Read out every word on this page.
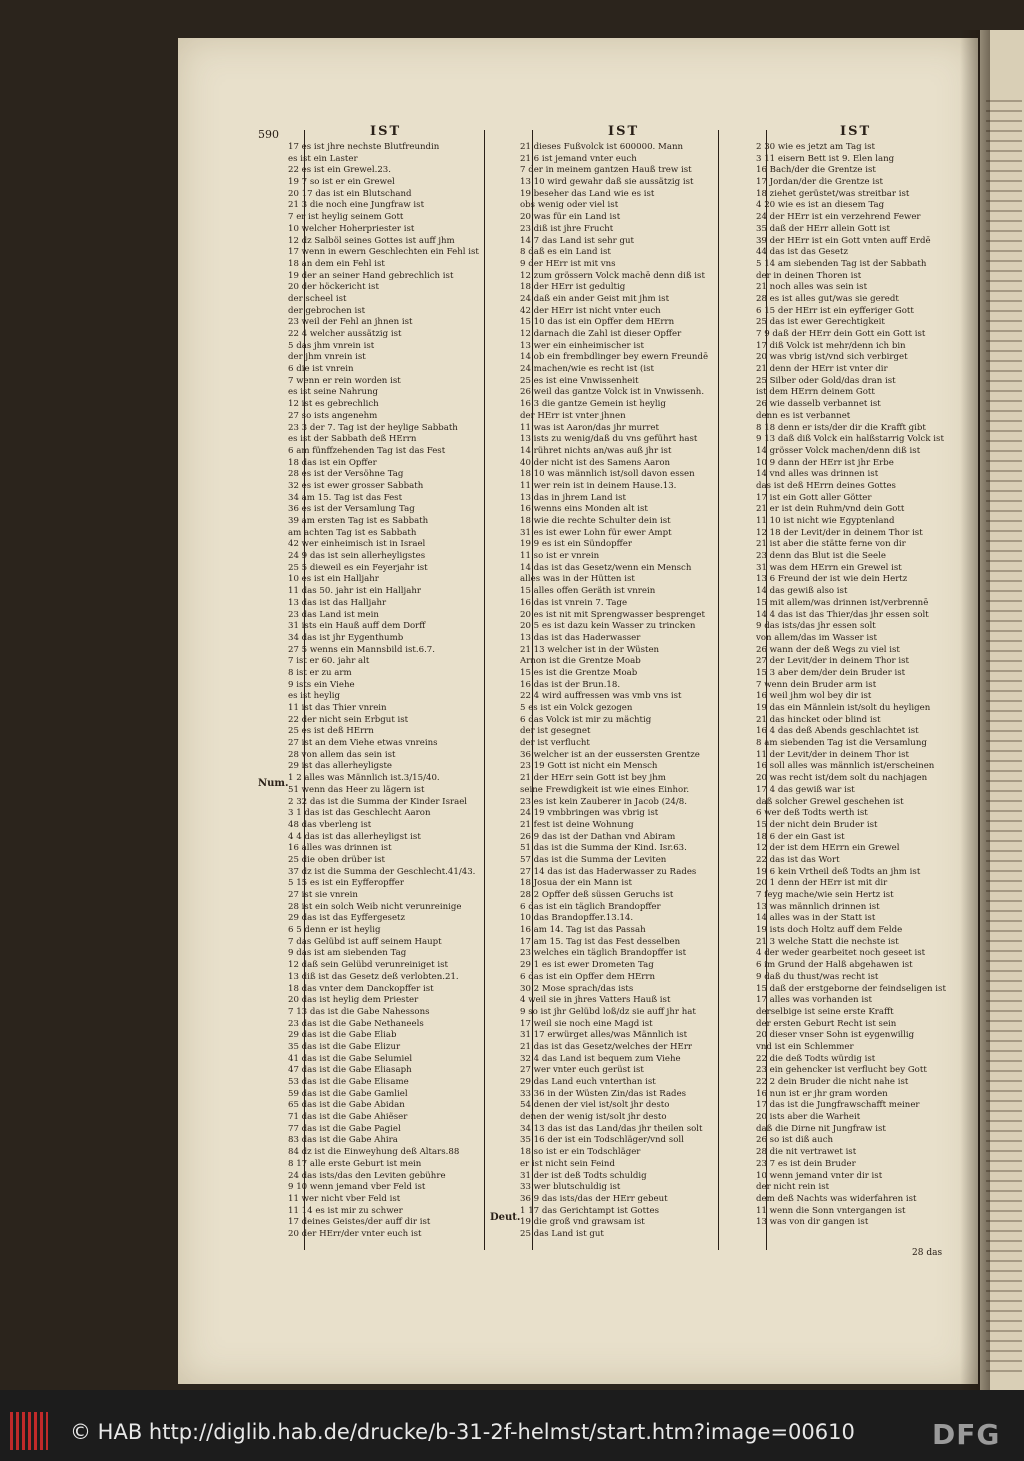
590	IST	IST	IST
Num.
Deut.
17 es ist jhre nechste Blutfreundin
es ist ein Laster
22 es ist ein Grewel.23.
19 7 so ist er ein Grewel
20 17 das ist ein Blutschand
21 3 die noch eine Jungfraw ist
7 er ist heylig seinem Gott
10 welcher Hoherpriester ist
12 dz Salböl seines Gottes ist auff jhm
17 wenn in ewern Geschlechten ein Fehl ist
18 an dem ein Fehl ist
19 der an seiner Hand gebrechlich ist
20 der höckericht ist
der scheel ist
der gebrochen ist
23 weil der Fehl an jhnen ist
22 4 welcher aussätzig ist
5 das jhm vnrein ist
der jhm vnrein ist
6 die ist vnrein
7 wenn er rein worden ist
es ist seine Nahrung
12 ist es gebrechlich
27 so ists angenehm
23 3 der 7. Tag ist der heylige Sabbath
es ist der Sabbath deß HErrn
6 am fünffzehenden Tag ist das Fest
18 das ist ein Opffer
28 es ist der Versöhne Tag
32 es ist ewer grosser Sabbath
34 am 15. Tag ist das Fest
36 es ist der Versamlung Tag
39 am ersten Tag ist es Sabbath
am achten Tag ist es Sabbath
42 wer einheimisch ist in Israel
24 9 das ist sein allerheyligstes
25 5 dieweil es ein Feyerjahr ist
10 es ist ein Halljahr
11 das 50. jahr ist ein Halljahr
13 das ist das Halljahr
23 das Land ist mein
31 ists ein Hauß auff dem Dorff
34 das ist jhr Eygenthumb
27 5 wenns ein Mannsbild ist.6.7.
7 ist er 60. jahr alt
8 ist er zu arm
9 ists ein Viehe
es ist heylig
11 ist das Thier vnrein
22 der nicht sein Erbgut ist
25 es ist deß HErrn
27 ist an dem Viehe etwas vnreins
28 von allem das sein ist
29 ist das allerheyligste
1 2 alles was Männlich ist.3/15/40.
51 wenn das Heer zu lägern ist
2 32 das ist die Summa der Kinder Israel
3 1 das ist das Geschlecht Aaron
48 das vberleng ist
4 4 das ist das allerheyligst ist
16 alles was drinnen ist
25 die oben drüber ist
37 dz ist die Summa der Geschlecht.41/43.
5 15 es ist ein Eyfferopffer
27 ist sie vnrein
28 ist ein solch Weib nicht verunreinige
29 das ist das Eyffergesetz
6 5 denn er ist heylig
7 das Gelübd ist auff seinem Haupt
9 das ist am siebenden Tag
12 daß sein Gelübd verunreiniget ist
13 diß ist das Gesetz deß verlobten.21.
18 das vnter dem Danckopffer ist
20 das ist heylig dem Priester
7 13 das ist die Gabe Nahessons
23 das ist die Gabe Nethaneels
29 das ist die Gabe Eliab
35 das ist die Gabe Elizur
41 das ist die Gabe Selumiel
47 das ist die Gabe Eliasaph
53 das ist die Gabe Elisame
59 das ist die Gabe Gamliel
65 das ist die Gabe Abidan
71 das ist die Gabe Ahiëser
77 das ist die Gabe Pagiel
83 das ist die Gabe Ahira
84 dz ist die Einweyhung deß Altars.88
8 17 alle erste Geburt ist mein
24 das ists/das den Leviten gebühre
9 10 wenn jemand vber Feld ist
11 wer nicht vber Feld ist
11 14 es ist mir zu schwer
17 deines Geistes/der auff dir ist
20 der HErr/der vnter euch ist
21 dieses Fußvolck ist 600000. Mann
21 6 ist jemand vnter euch
7 der in meinem gantzen Hauß trew ist
13 10 wird gewahr daß sie aussätzig ist
19 beseher das Land wie es ist
obs wenig oder viel ist
20 was für ein Land ist
23 diß ist jhre Frucht
14 7 das Land ist sehr gut
8 daß es ein Land ist
9 der HErr ist mit vns
12 zum grössern Volck machē denn diß ist
18 der HErr ist gedultig
24 daß ein ander Geist mit jhm ist
42 der HErr ist nicht vnter euch
15 10 das ist ein Opffer dem HErrn
12 darnach die Zahl ist dieser Opffer
13 wer ein einheimischer ist
14 ob ein frembdlinger bey ewern Freundē
24 machen/wie es recht ist (ist
25 es ist eine Vnwissenheit
26 weil das gantze Volck ist in Vnwissenh.
16 3 die gantze Gemein ist heylig
der HErr ist vnter jhnen
11 was ist Aaron/das jhr murret
13 ists zu wenig/daß du vns geführt hast
14 rühret nichts an/was auß jhr ist
40 der nicht ist des Samens Aaron
18 10 was männlich ist/soll davon essen
11 wer rein ist in deinem Hause.13.
13 das in jhrem Land ist
16 wenns eins Monden alt ist
18 wie die rechte Schulter dein ist
31 es ist ewer Lohn für ewer Ampt
19 9 es ist ein Sündopffer
11 so ist er vnrein
14 das ist das Gesetz/wenn ein Mensch
alles was in der Hütten ist
15 alles offen Geräth ist vnrein
16 das ist vnrein 7. Tage
20 es ist nit mit Sprengwasser besprenget
20 5 es ist dazu kein Wasser zu trincken
13 das ist das Haderwasser
21 13 welcher ist in der Wüsten
Arnon ist die Grentze Moab
15 es ist die Grentze Moab
16 das ist der Brun.18.
22 4 wird auffressen was vmb vns ist
5 es ist ein Volck gezogen
6 das Volck ist mir zu mächtig
der ist gesegnet
der ist verflucht
36 welcher ist an der eussersten Grentze
23 19 Gott ist nicht ein Mensch
21 der HErr sein Gott ist bey jhm
seine Frewdigkeit ist wie eines Einhor.
23 es ist kein Zauberer in Jacob (24/8.
24 19 vmbbringen was vbrig ist
21 fest ist deine Wohnung
26 9 das ist der Dathan vnd Abiram
51 das ist die Summa der Kind. Isr.63.
57 das ist die Summa der Leviten
27 14 das ist das Haderwasser zu Rades
18 Josua der ein Mann ist
28 2 Opffer deß süssen Geruchs ist
6 das ist ein täglich Brandopffer
10 das Brandopffer.13.14.
16 am 14. Tag ist das Passah
17 am 15. Tag ist das Fest desselben
23 welches ein täglich Brandopffer ist
29 1 es ist ewer Drometen Tag
6 das ist ein Opffer dem HErrn
30 2 Mose sprach/das ists
4 weil sie in jhres Vatters Hauß ist
9 so ist jhr Gelübd loß/dz sie auff jhr hat
17 weil sie noch eine Magd ist
31 17 erwürget alles/was Männlich ist
21 das ist das Gesetz/welches der HErr
32 4 das Land ist bequem zum Viehe
27 wer vnter euch gerüst ist
29 das Land euch vnterthan ist
33 36 in der Wüsten Zin/das ist Rades
54 denen der viel ist/solt jhr desto
denen der wenig ist/solt jhr desto
34 13 das ist das Land/das jhr theilen solt
35 16 der ist ein Todschläger/vnd soll
18 so ist er ein Todschläger
er ist nicht sein Feind
31 der ist deß Todts schuldig
33 wer blutschuldig ist
36 9 das ists/das der HErr gebeut
1 17 das Gerichtampt ist Gottes
19 die groß vnd grawsam ist
25 das Land ist gut
2 30 wie es jetzt am Tag ist
3 11 eisern Bett ist 9. Elen lang
16 Bach/der die Grentze ist
17 Jordan/der die Grentze ist
18 ziehet gerüstet/was streitbar ist
4 20 wie es ist an diesem Tag
24 der HErr ist ein verzehrend Fewer
35 daß der HErr allein Gott ist
39 der HErr ist ein Gott vnten auff Erdē
44 das ist das Gesetz
5 14 am siebenden Tag ist der Sabbath
der in deinen Thoren ist
21 noch alles was sein ist
28 es ist alles gut/was sie geredt
6 15 der HErr ist ein eyfferiger Gott
25 das ist ewer Gerechtigkeit
7 9 daß der HErr dein Gott ein Gott ist
17 diß Volck ist mehr/denn ich bin
20 was vbrig ist/vnd sich verbirget
21 denn der HErr ist vnter dir
25 Silber oder Gold/das dran ist
ist dem HErrn deinem Gott
26 wie dasselb verbannet ist
denn es ist verbannet
8 18 denn er ists/der dir die Krafft gibt
9 13 daß diß Volck ein halßstarrig Volck ist
14 grösser Volck machen/denn diß ist
10 9 dann der HErr ist jhr Erbe
14 vnd alles was drinnen ist
das ist deß HErrn deines Gottes
17 ist ein Gott aller Götter
21 er ist dein Ruhm/vnd dein Gott
11 10 ist nicht wie Egyptenland
12 18 der Levit/der in deinem Thor ist
21 ist aber die stätte ferne von dir
23 denn das Blut ist die Seele
31 was dem HErrn ein Grewel ist
13 6 Freund der ist wie dein Hertz
14 das gewiß also ist
15 mit allem/was drinnen ist/verbrennē
14 4 das ist das Thier/das jhr essen solt
9 das ists/das jhr essen solt
von allem/das im Wasser ist
26 wann der deß Wegs zu viel ist
27 der Levit/der in deinem Thor ist
15 3 aber dem/der dein Bruder ist
7 wenn dein Bruder arm ist
16 weil jhm wol bey dir ist
19 das ein Männlein ist/solt du heyligen
21 das hincket oder blind ist
16 4 das deß Abends geschlachtet ist
8 am siebenden Tag ist die Versamlung
11 der Levit/der in deinem Thor ist
16 soll alles was männlich ist/erscheinen
20 was recht ist/dem solt du nachjagen
17 4 das gewiß war ist
daß solcher Grewel geschehen ist
6 wer deß Todts werth ist
15 der nicht dein Bruder ist
18 6 der ein Gast ist
12 der ist dem HErrn ein Grewel
22 das ist das Wort
19 6 kein Vrtheil deß Todts an jhm ist
20 1 denn der HErr ist mit dir
7 feyg mache/wie sein Hertz ist
13 was männlich drinnen ist
14 alles was in der Statt ist
19 ists doch Holtz auff dem Felde
21 3 welche Statt die nechste ist
4 der weder gearbeitet noch geseet ist
6 im Grund der Halß abgehawen ist
9 daß du thust/was recht ist
15 daß der erstgeborne der feindseligen ist
17 alles was vorhanden ist
derselbige ist seine erste Krafft
der ersten Geburt Recht ist sein
20 dieser vnser Sohn ist eygenwillig
vnd ist ein Schlemmer
22 die deß Todts würdig ist
23 ein gehencker ist verflucht bey Gott
22 2 dein Bruder die nicht nahe ist
16 nun ist er jhr gram worden
17 das ist die Jungfrawschafft meiner
20 ists aber die Warheit
daß die Dirne nit Jungfraw ist
26 so ist diß auch
28 die nit vertrawet ist
23 7 es ist dein Bruder
10 wenn jemand vnter dir ist
der nicht rein ist
dem deß Nachts was widerfahren ist
11 wenn die Sonn vntergangen ist
13 was von dir gangen ist
28 das
© HAB http://diglib.hab.de/drucke/b-31-2f-helmst/start.htm?image=00610	DFG
